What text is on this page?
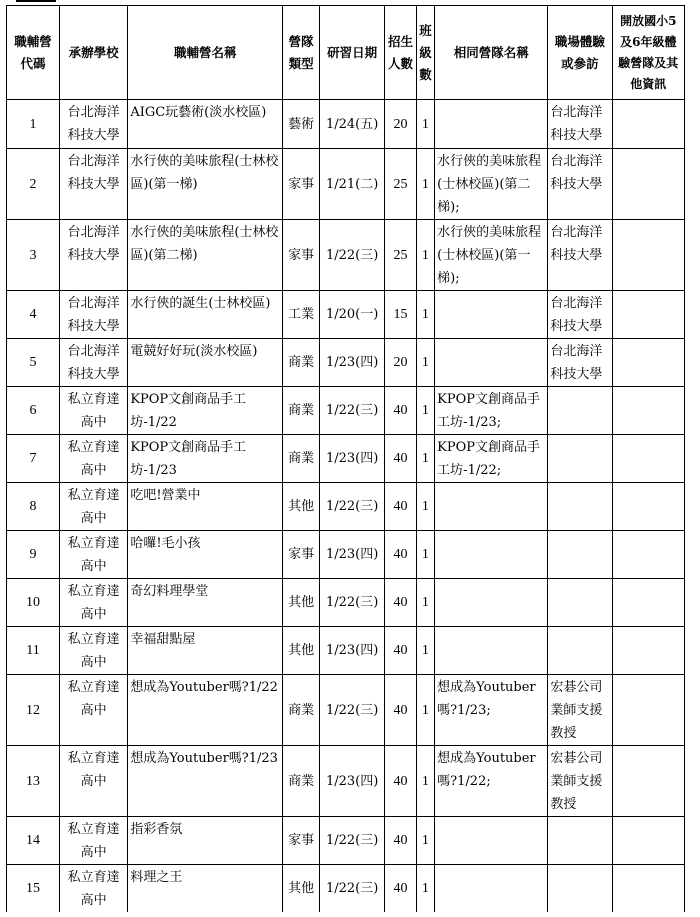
職輔營代碼	承辦學校	職輔營名稱	營隊類型	研習日期	招生人數	班級數	相同營隊名稱	職場體驗或參訪	開放國小5及6年級體驗營隊及其他資訊
1	台北海洋科技大學	AIGC玩藝術(淡水校區)	藝術	1/24(五)	20	1		台北海洋科技大學	
2	台北海洋科技大學	水行俠的美味旅程(士林校區)(第一梯)	家事	1/21(二)	25	1	水行俠的美味旅程(士林校區)(第二梯);	台北海洋科技大學	
3	台北海洋科技大學	水行俠的美味旅程(士林校區)(第二梯)	家事	1/22(三)	25	1	水行俠的美味旅程(士林校區)(第一梯);	台北海洋科技大學	
4	台北海洋科技大學	水行俠的誕生(士林校區)	工業	1/20(一)	15	1		台北海洋科技大學	
5	台北海洋科技大學	電競好好玩(淡水校區)	商業	1/23(四)	20	1		台北海洋科技大學	
6	私立育達高中	KPOP文創商品手工坊-1/22	商業	1/22(三)	40	1	KPOP文創商品手工坊-1/23;		
7	私立育達高中	KPOP文創商品手工坊-1/23	商業	1/23(四)	40	1	KPOP文創商品手工坊-1/22;		
8	私立育達高中	吃吧!營業中	其他	1/22(三)	40	1			
9	私立育達高中	哈囉!毛小孩	家事	1/23(四)	40	1			
10	私立育達高中	奇幻料理學堂	其他	1/22(三)	40	1			
11	私立育達高中	幸福甜點屋	其他	1/23(四)	40	1			
12	私立育達高中	想成為Youtuber嗎?1/22	商業	1/22(三)	40	1	想成為Youtuber嗎?1/23;	宏碁公司業師支援教授	
13	私立育達高中	想成為Youtuber嗎?1/23	商業	1/23(四)	40	1	想成為Youtuber嗎?1/22;	宏碁公司業師支援教授	
14	私立育達高中	指彩香氛	家事	1/22(三)	40	1			
15	私立育達高中	料理之王	其他	1/22(三)	40	1			
